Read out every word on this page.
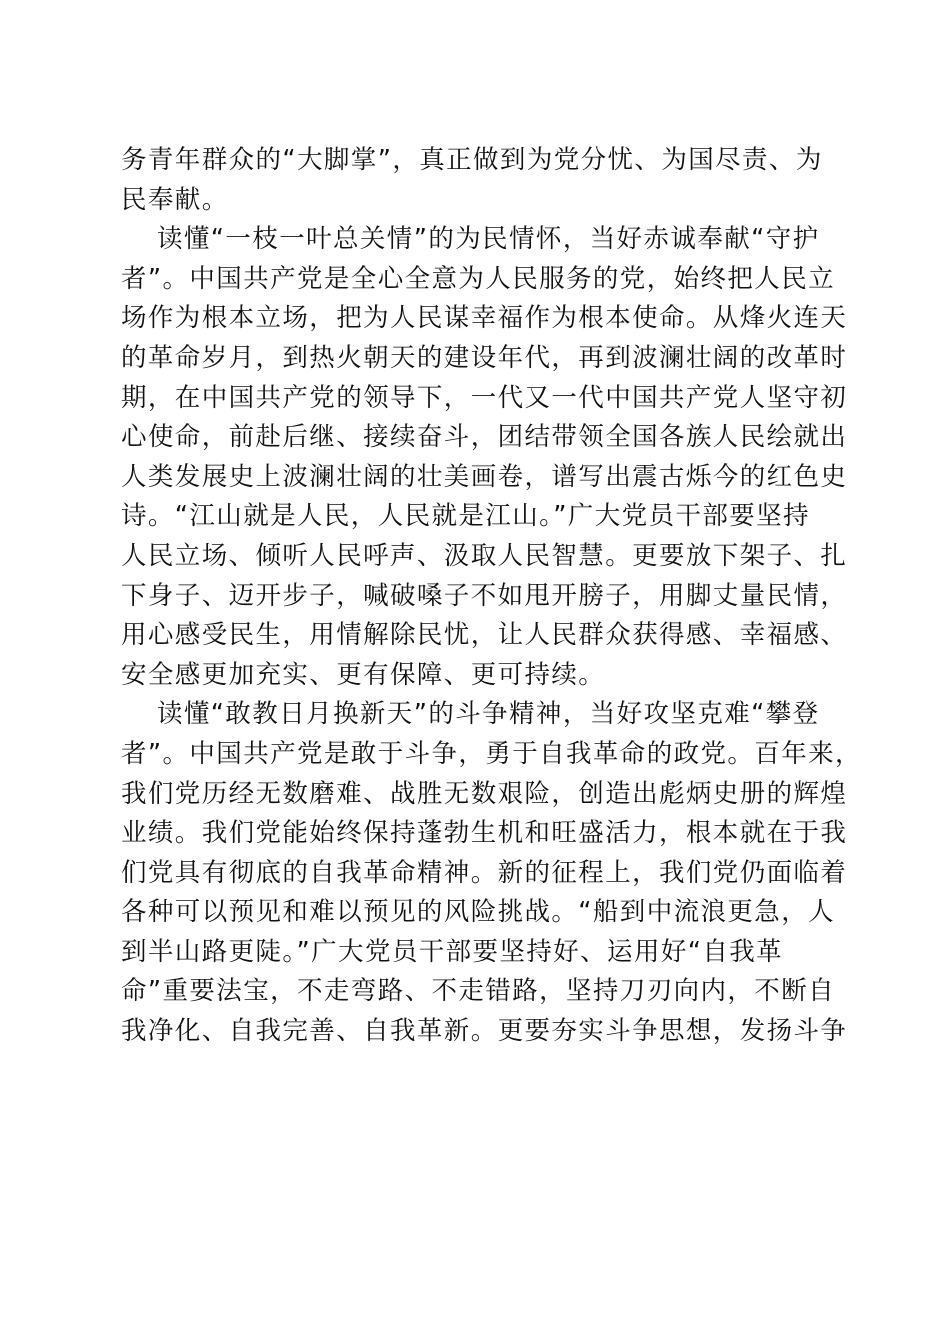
务青年群众的“大脚掌”，真正做到为党分忧、为国尽责、为
民奉献。
读懂“一枝一叶总关情”的为民情怀，当好赤诚奉献“守护
者”。中国共产党是全心全意为人民服务的党，始终把人民立
场作为根本立场，把为人民谋幸福作为根本使命。从烽火连天
的革命岁月，到热火朝天的建设年代，再到波澜壮阔的改革时
期，在中国共产党的领导下，一代又一代中国共产党人坚守初
心使命，前赴后继、接续奋斗，团结带领全国各族人民绘就出
人类发展史上波澜壮阔的壮美画卷，谱写出震古烁今的红色史
诗。“江山就是人民，人民就是江山。”广大党员干部要坚持
人民立场、倾听人民呼声、汲取人民智慧。更要放下架子、扎
下身子、迈开步子，喊破嗓子不如甩开膀子，用脚丈量民情，
用心感受民生，用情解除民忧，让人民群众获得感、幸福感、
安全感更加充实、更有保障、更可持续。
读懂“敢教日月换新天”的斗争精神，当好攻坚克难“攀登
者”。中国共产党是敢于斗争，勇于自我革命的政党。百年来，
我们党历经无数磨难、战胜无数艰险，创造出彪炳史册的辉煌
业绩。我们党能始终保持蓬勃生机和旺盛活力，根本就在于我
们党具有彻底的自我革命精神。新的征程上，我们党仍面临着
各种可以预见和难以预见的风险挑战。“船到中流浪更急，人
到半山路更陡。”广大党员干部要坚持好、运用好“自我革
命”重要法宝，不走弯路、不走错路，坚持刀刃向内，不断自
我净化、自我完善、自我革新。更要夯实斗争思想，发扬斗争
